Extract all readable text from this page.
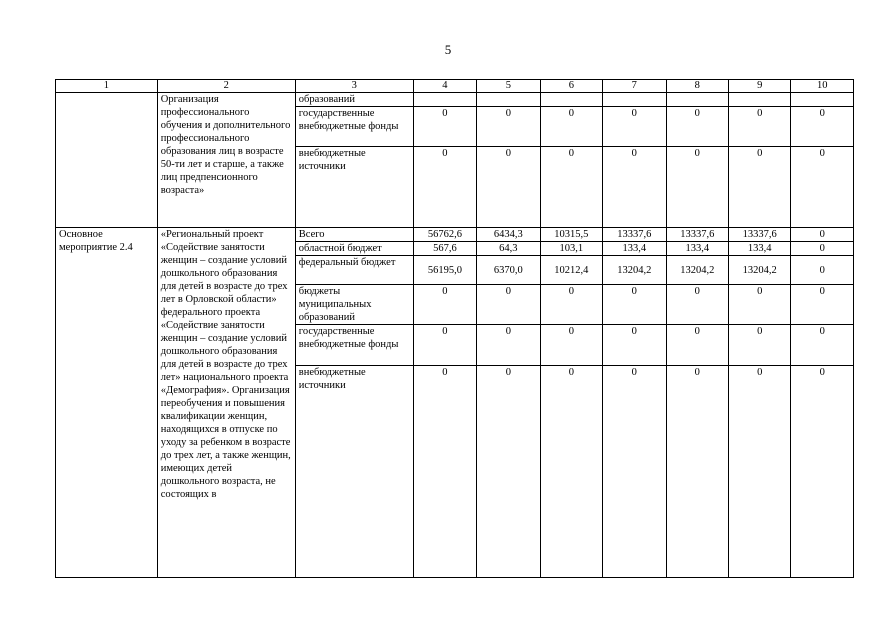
5
1	2	3	4	5	6	7	8	9	10
	Организация профессионального обучения и дополнительного профессионального образования лиц в возрасте 50-ти лет и старше, а также лиц предпенсионного возраста»	образований							
		государственные внебюджетные фонды	0	0	0	0	0	0	0
		внебюджетные источники	0	0	0	0	0	0	0
Основное мероприятие 2.4	«Региональный проект «Содействие занятости женщин – создание условий дошкольного образования для детей в возрасте до трех лет в Орловской области» федерального проекта «Содействие занятости женщин – создание условий дошкольного образования для детей в возрасте до трех лет» национального проекта «Демография». Организация переобучения и повышения квалификации женщин, находящихся в отпуске по уходу за ребенком в возрасте до трех лет, а также женщин, имеющих детей дошкольного возраста, не состоящих в	Всего	56762,6	6434,3	10315,5	13337,6	13337,6	13337,6	0
		областной бюджет	567,6	64,3	103,1	133,4	133,4	133,4	0
		федеральный бюджет	56195,0	6370,0	10212,4	13204,2	13204,2	13204,2	0
		бюджеты муниципальных образований	0	0	0	0	0	0	0
		государственные внебюджетные фонды	0	0	0	0	0	0	0
		внебюджетные источники	0	0	0	0	0	0	0
